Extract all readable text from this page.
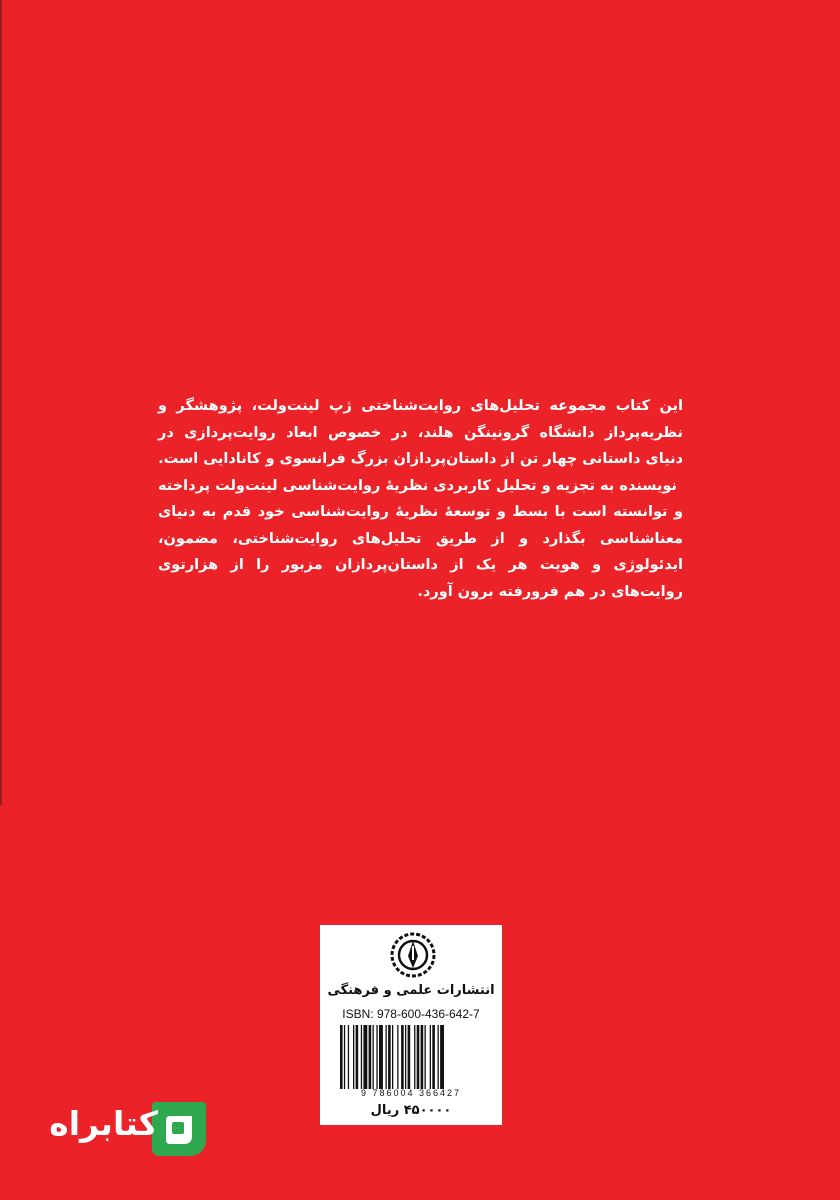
این کتاب مجموعه تحلیل‌های روایت‌شناختی ژپ لینت‌ولت، پژوهشگر و نظریه‌پرداز دانشگاه گرونینگن هلند، در خصوص ابعاد روایت‌پردازی در دنیای داستانی چهار تن از داستان‌پردازان بزرگ فرانسوی و کانادایی است.

نویسنده به تجزیه و تحلیل کاربردی نظریهٔ روایت‌شناسی لینت‌ولت پرداخته و توانسته است با بسط و توسعهٔ نظریهٔ روایت‌شناسی خود قدم به دنیای معناشناسی بگذارد و از طریق تحلیل‌های روایت‌شناختی، مضمون، ایدئولوژی و هویت هر یک از داستان‌پردازان مزبور را از هزارتوی روایت‌های در هم فرورفته برون آورد.

انتشارات علمی و فرهنگی
ISBN: 978-600-436-642-7
9 786004 366427
۴۵۰۰۰۰ ریال
کتابراه
